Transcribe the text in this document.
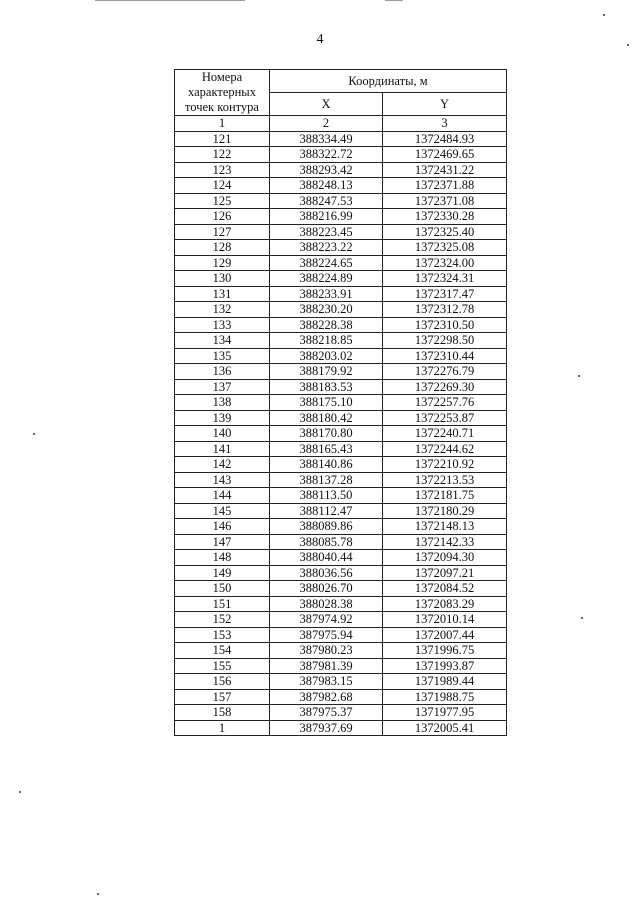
4
Номера характерных точек контура	Координаты, м	
	X	Y
1	2	3
121	388334.49	1372484.93
122	388322.72	1372469.65
123	388293.42	1372431.22
124	388248.13	1372371.88
125	388247.53	1372371.08
126	388216.99	1372330.28
127	388223.45	1372325.40
128	388223.22	1372325.08
129	388224.65	1372324.00
130	388224.89	1372324.31
131	388233.91	1372317.47
132	388230.20	1372312.78
133	388228.38	1372310.50
134	388218.85	1372298.50
135	388203.02	1372310.44
136	388179.92	1372276.79
137	388183.53	1372269.30
138	388175.10	1372257.76
139	388180.42	1372253.87
140	388170.80	1372240.71
141	388165.43	1372244.62
142	388140.86	1372210.92
143	388137.28	1372213.53
144	388113.50	1372181.75
145	388112.47	1372180.29
146	388089.86	1372148.13
147	388085.78	1372142.33
148	388040.44	1372094.30
149	388036.56	1372097.21
150	388026.70	1372084.52
151	388028.38	1372083.29
152	387974.92	1372010.14
153	387975.94	1372007.44
154	387980.23	1371996.75
155	387981.39	1371993.87
156	387983.15	1371989.44
157	387982.68	1371988.75
158	387975.37	1371977.95
1	387937.69	1372005.41
